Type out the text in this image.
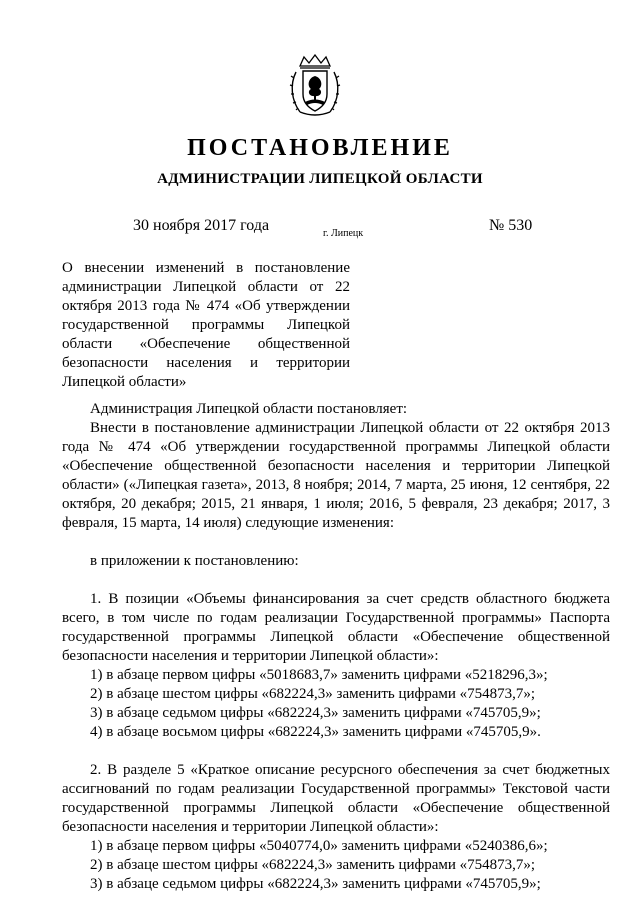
ПОСТАНОВЛЕНИЕ
АДМИНИСТРАЦИИ ЛИПЕЦКОЙ ОБЛАСТИ
30 ноября 2017 года	г. Липецк	№ 530
О внесении изменений в постановление администрации Липецкой области от 22 октября 2013 года № 474 «Об утверждении государственной программы Липецкой области «Обеспечение общественной безопасности населения и территории Липецкой области»

Администрация Липецкой области постановляет:

Внести в постановление администрации Липецкой области от 22 октября 2013 года № 474 «Об утверждении государственной программы Липецкой области «Обеспечение общественной безопасности населения и территории Липецкой области» («Липецкая газета», 2013, 8 ноября; 2014, 7 марта, 25 июня, 12 сентября, 22 октября, 20 декабря; 2015, 21 января, 1 июля; 2016, 5 февраля, 23 декабря; 2017, 3 февраля, 15 марта, 14 июля) следующие изменения:

в приложении к постановлению:

1. В позиции «Объемы финансирования за счет средств областного бюджета всего, в том числе по годам реализации Государственной программы» Паспорта государственной программы Липецкой области «Обеспечение общественной безопасности населения и территории Липецкой области»:

1) в абзаце первом цифры «5018683,7» заменить цифрами «5218296,3»;

2) в абзаце шестом цифры «682224,3» заменить цифрами «754873,7»;

3) в абзаце седьмом цифры «682224,3» заменить цифрами «745705,9»;

4) в абзаце восьмом цифры «682224,3» заменить цифрами «745705,9».

2. В разделе 5 «Краткое описание ресурсного обеспечения за счет бюджетных ассигнований по годам реализации Государственной программы» Текстовой части государственной программы Липецкой области «Обеспечение общественной безопасности населения и территории Липецкой области»:

1) в абзаце первом цифры «5040774,0» заменить цифрами «5240386,6»;

2) в абзаце шестом цифры «682224,3» заменить цифрами «754873,7»;

3) в абзаце седьмом цифры «682224,3» заменить цифрами «745705,9»;
